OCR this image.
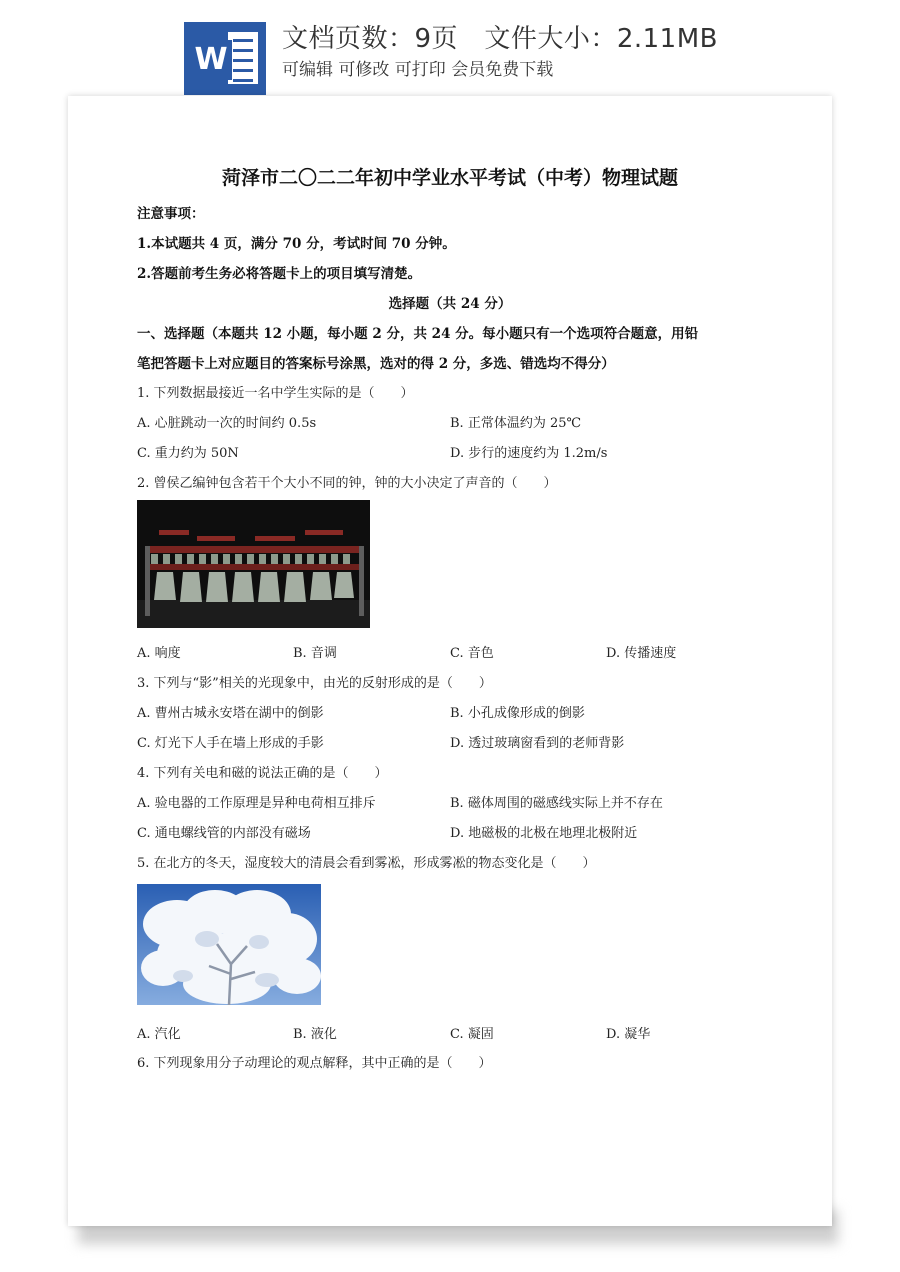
W
文档页数：9页   文件大小：2.11MB
可编辑 可修改 可打印 会员免费下载
菏泽市二〇二二年初中学业水平考试（中考）物理试题
注意事项：
1.本试题共 4 页，满分 70 分，考试时间 70 分钟。
2.答题前考生务必将答题卡上的项目填写清楚。
选择题（共 24 分）
一、选择题（本题共 12 小题，每小题 2 分，共 24 分。每小题只有一个选项符合题意，用铅
笔把答题卡上对应题目的答案标号涂黑，选对的得 2 分，多选、错选均不得分）
1. 下列数据最接近一名中学生实际的是（　　）
A. 心脏跳动一次的时间约 0.5s	B. 正常体温约为 25℃
C. 重力约为 50N	D. 步行的速度约为 1.2m/s
2. 曾侯乙编钟包含若干个大小不同的钟，钟的大小决定了声音的（　　）
A. 响度	B. 音调	C. 音色	D. 传播速度
3. 下列与“影”相关的光现象中，由光的反射形成的是（　　）
A. 曹州古城永安塔在湖中的倒影	B. 小孔成像形成的倒影
C. 灯光下人手在墙上形成的手影	D. 透过玻璃窗看到的老师背影
4. 下列有关电和磁的说法正确的是（　　）
A. 验电器的工作原理是异种电荷相互排斥	B. 磁体周围的磁感线实际上并不存在
C. 通电螺线管的内部没有磁场	D. 地磁极的北极在地理北极附近
5. 在北方的冬天，湿度较大的清晨会看到雾凇，形成雾凇的物态变化是（　　）
A. 汽化	B. 液化	C. 凝固	D. 凝华
6. 下列现象用分子动理论的观点解释，其中正确的是（　　）
